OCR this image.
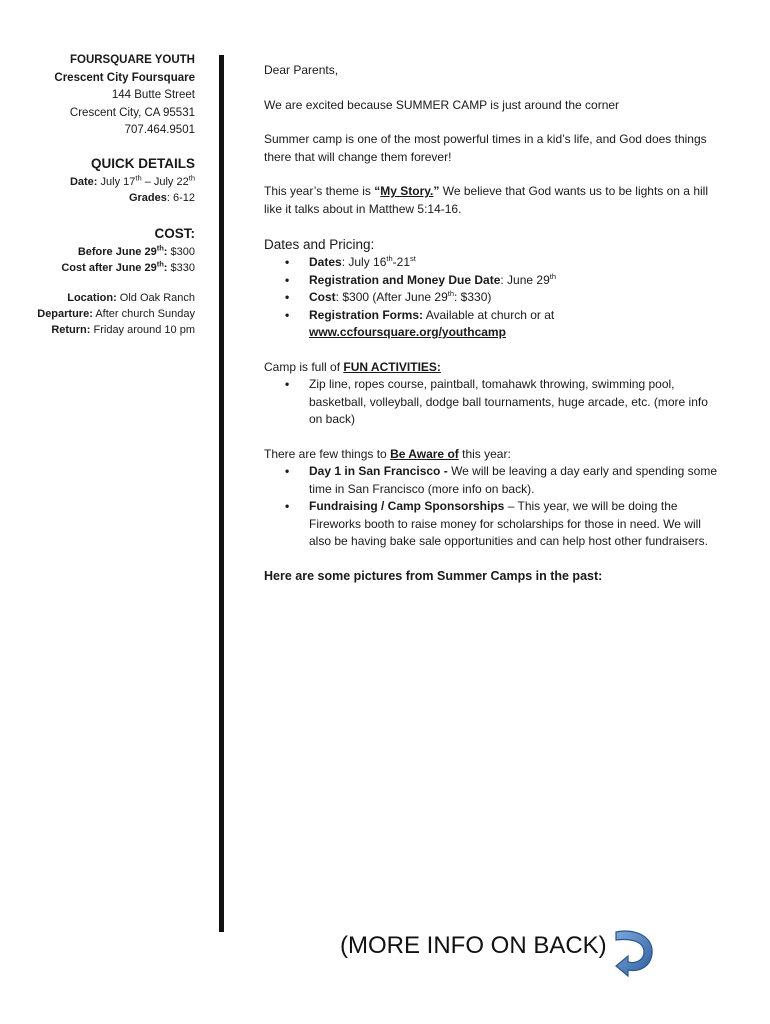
FOURSQUARE YOUTH
Crescent City Foursquare
144 Butte Street
Crescent City, CA 95531
707.464.9501
QUICK DETAILS
Date: July 17th – July 22th
Grades: 6-12
COST:
Before June 29th: $300
Cost after June 29th: $330
Location: Old Oak Ranch
Departure: After church Sunday
Return: Friday around 10 pm

Dear Parents,

We are excited because SUMMER CAMP is just around the corner

Summer camp is one of the most powerful times in a kid’s life, and God does things there that will change them forever!

This year’s theme is “My Story.” We believe that God wants us to be lights on a hill like it talks about in Matthew 5:14-16.

Dates and Pricing:

• Dates: July 16th-21st
• Registration and Money Due Date: June 29th
• Cost: $300 (After June 29th: $330)
• Registration Forms: Available at church or at
www.ccfoursquare.org/youthcamp

Camp is full of FUN ACTIVITIES:

• Zip line, ropes course, paintball, tomahawk throwing, swimming pool, basketball, volleyball, dodge ball tournaments, huge arcade, etc. (more info on back)

There are few things to Be Aware of this year:

• Day 1 in San Francisco - We will be leaving a day early and spending some time in San Francisco (more info on back).
• Fundraising / Camp Sponsorships – This year, we will be doing the Fireworks booth to raise money for scholarships for those in need. We will also be having bake sale opportunities and can help host other fundraisers.

Here are some pictures from Summer Camps in the past:

(MORE INFO ON BACK)
